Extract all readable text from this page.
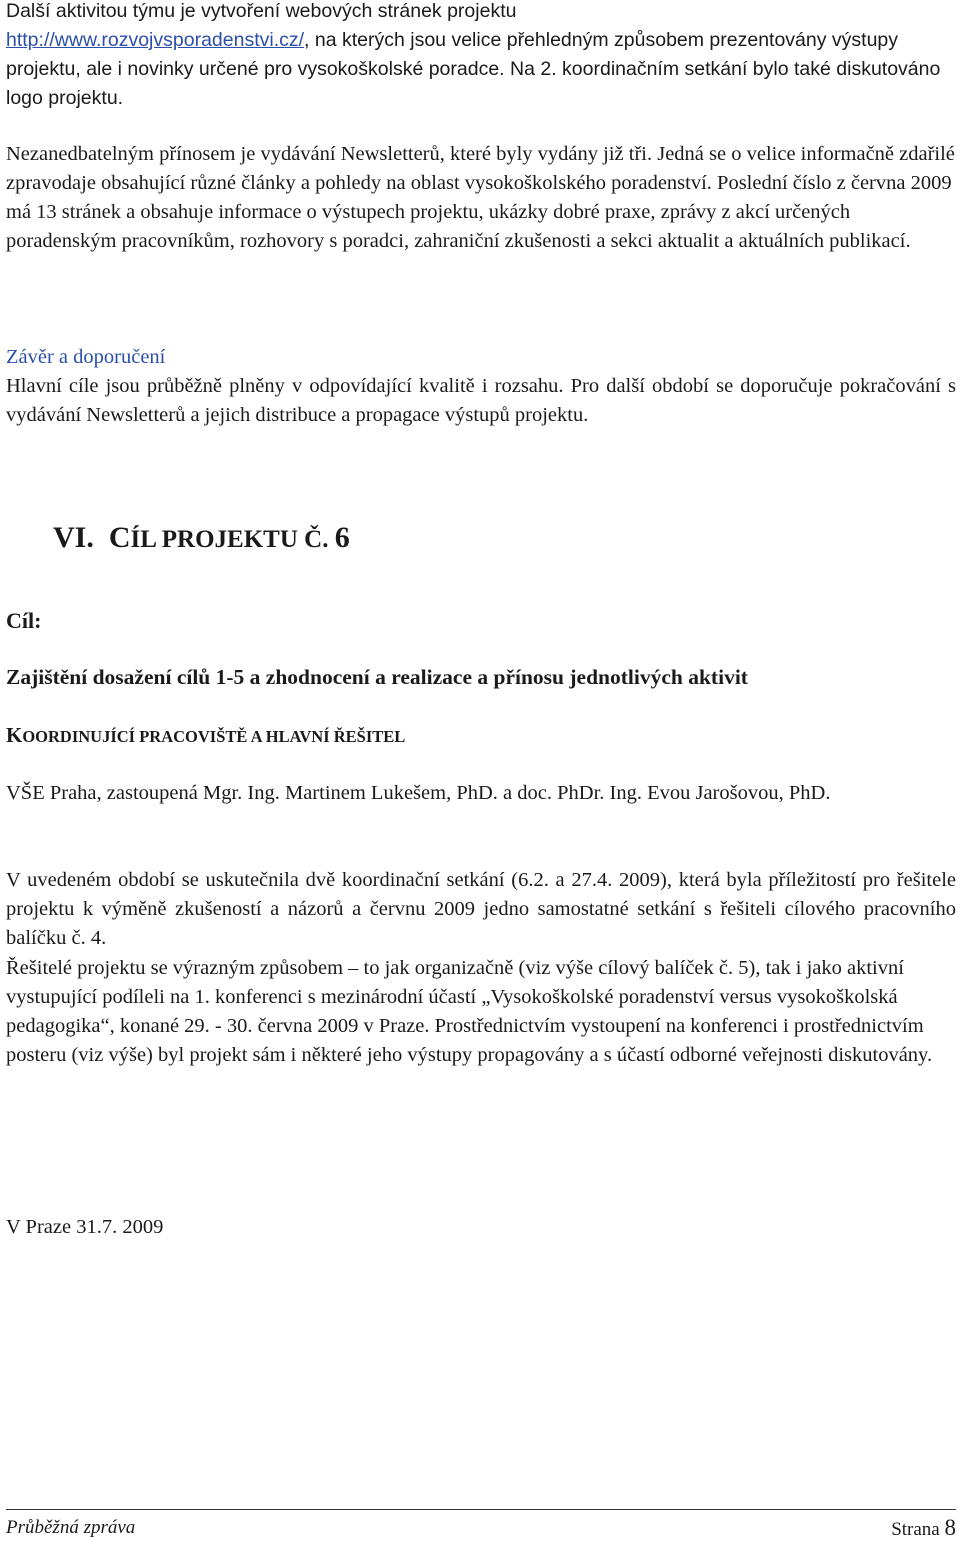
Další aktivitou týmu je vytvoření webových stránek projektu
http://www.rozvojvsporadenstvi.cz/, na kterých jsou velice přehledným způsobem prezentovány výstupy projektu, ale i novinky určené pro vysokoškolské poradce. Na 2. koordinačním setkání bylo také diskutováno logo projektu.

Nezanedbatelným přínosem je vydávání Newsletterů, které byly vydány již tři. Jedná se o velice informačně zdařilé zpravodaje obsahující různé články a pohledy na oblast vysokoškolského poradenství. Poslední číslo z června 2009 má 13 stránek a obsahuje informace o výstupech projektu, ukázky dobré praxe, zprávy z akcí určených poradenským pracovníkům, rozhovory s poradci, zahraniční zkušenosti a sekci aktualit a aktuálních publikací.

Závěr a doporučení

Hlavní cíle jsou průběžně plněny v odpovídající kvalitě i rozsahu. Pro další období se doporučuje pokračování s vydávání Newsletterů a jejich distribuce a propagace výstupů projektu.

VI. CÍL PROJEKTU Č. 6
Cíl:
Zajištění dosažení cílů 1-5 a zhodnocení a realizace a přínosu jednotlivých aktivit
KOORDINUJÍCÍ PRACOVIŠTĚ A HLAVNÍ ŘEŠITEL

VŠE Praha, zastoupená Mgr. Ing. Martinem Lukešem, PhD. a doc. PhDr. Ing. Evou Jarošovou, PhD.

V uvedeném období se uskutečnila dvě koordinační setkání (6.2. a 27.4. 2009), která byla příležitostí pro řešitele projektu k výměně zkušeností a názorů a červnu 2009 jedno samostatné setkání s řešiteli cílového pracovního balíčku č. 4.

Řešitelé projektu se výrazným způsobem – to jak organizačně (viz výše cílový balíček č. 5), tak i jako aktivní vystupující podíleli na 1. konferenci s mezinárodní účastí „Vysokoškolské poradenství versus vysokoškolská pedagogika“, konané 29. - 30. června 2009 v Praze. Prostřednictvím vystoupení na konferenci i prostřednictvím posteru (viz výše) byl projekt sám i některé jeho výstupy propagovány a s účastí odborné veřejnosti diskutovány.

V Praze 31.7. 2009

Průběžná zpráva	Strana 8
